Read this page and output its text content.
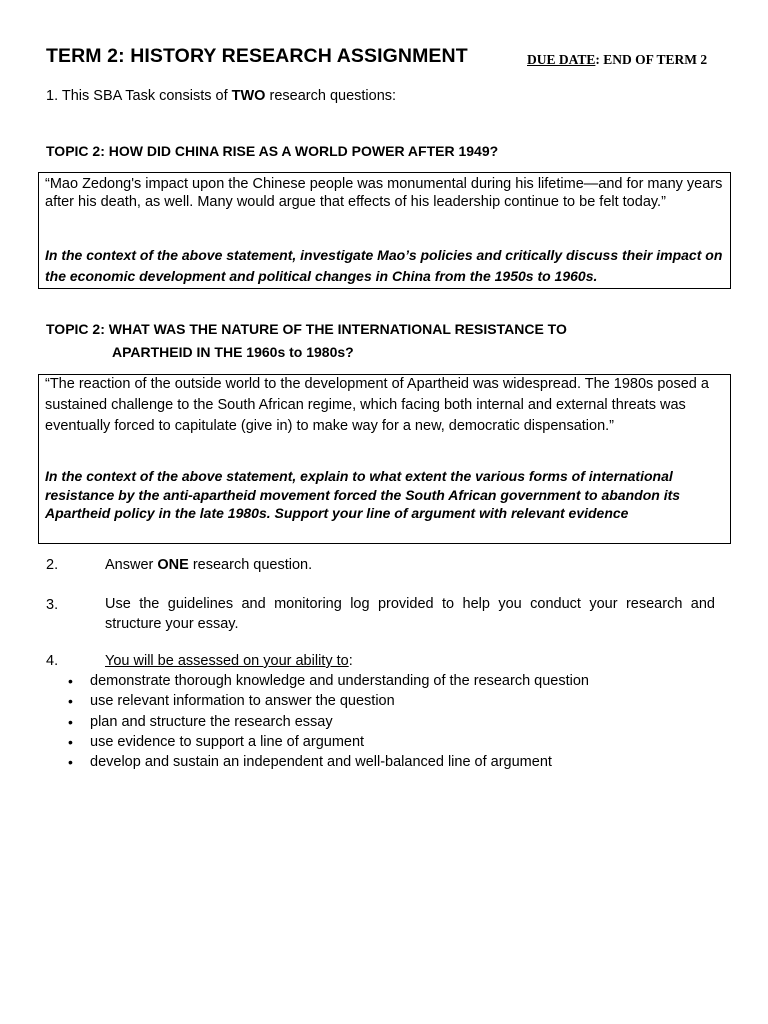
TERM 2: HISTORY RESEARCH ASSIGNMENT	DUE DATE: END OF TERM 2
1. This SBA Task consists of TWO research questions:
TOPIC 2: HOW DID CHINA RISE AS A WORLD POWER AFTER 1949?
“Mao Zedong's impact upon the Chinese people was monumental during his lifetime—and for many years after his death, as well. Many would argue that effects of his leadership continue to be felt today.”
In the context of the above statement, investigate Mao’s policies and critically discuss their impact on the economic development and political changes in China from the 1950s to 1960s.
TOPIC 2: WHAT WAS THE NATURE OF THE INTERNATIONAL RESISTANCE TO
APARTHEID IN THE 1960s to 1980s?
“The reaction of the outside world to the development of Apartheid was widespread. The 1980s posed a sustained challenge to the South African regime, which facing both internal and external threats was eventually forced to capitulate (give in) to make way for a new, democratic dispensation.”
In the context of the above statement, explain to what extent the various forms of international resistance by the anti-apartheid movement forced the South African government to abandon its Apartheid policy in the late 1980s. Support your line of argument with relevant evidence
2.	Answer ONE research question.
3.	Use the guidelines and monitoring log provided to help you conduct your research and structure your essay.
4.	You will be assessed on your ability to:
• demonstrate thorough knowledge and understanding of the research question
• use relevant information to answer the question
• plan and structure the research essay
• use evidence to support a line of argument
• develop and sustain an independent and well-balanced line of argument
